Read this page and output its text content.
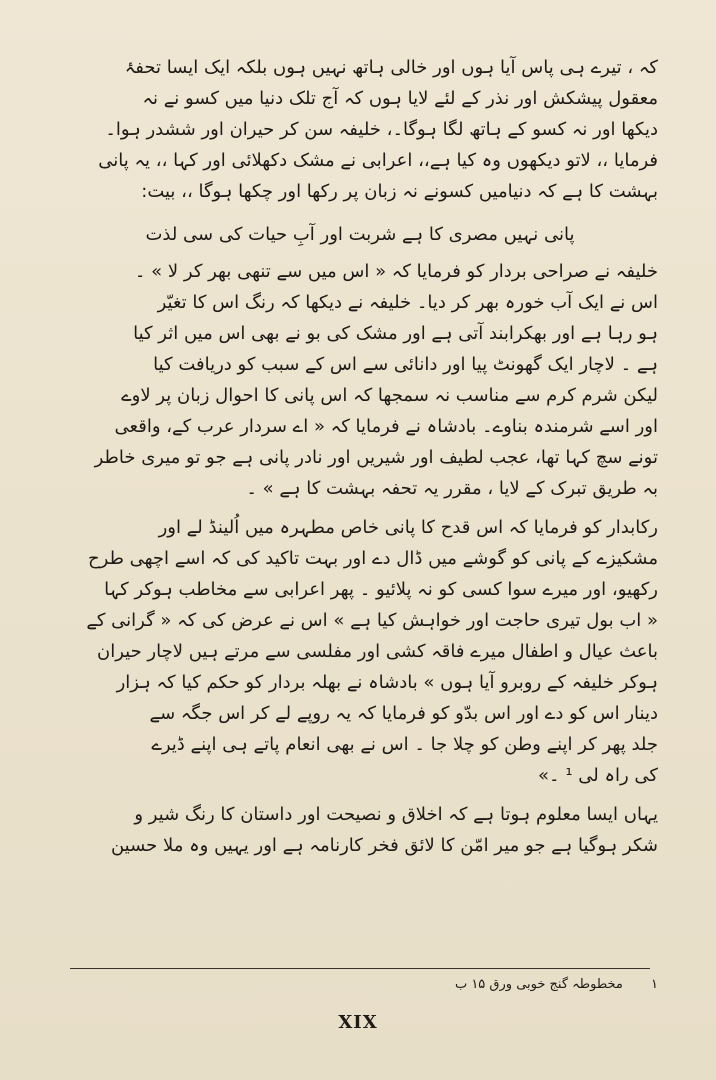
کہ ، تیرے ہی پاس آیا ہوں اور خالی ہاتھ نہیں ہوں بلکہ ایک ایسا تحفۂ
معقول پیشکش اور نذر کے لئے لایا ہوں کہ آج تلک دنیا میں کسو نے نہ
دیکھا اور نہ کسو کے ہاتھ لگا ہوگا۔، خلیفہ سن کر حیران اور ششدر ہوا۔
فرمایا ،، لاتو دیکھوں وہ کیا ہے،، اعرابی نے مشک دکھلائی اور کہا ،، یہ پانی
بہشت کا ہے کہ دنیامیں کسونے نہ زبان پر رکھا اور چکھا ہوگا ،، بیت:
پانی نہیں مصری کا ہے شربت اور آبِ حیات کی سی لذت
خلیفہ نے صراحی بردار کو فرمایا کہ « اس میں سے تنھی بھر کر لا » ۔
اس نے ایک آب خورہ بھر کر دیا۔ خلیفہ نے دیکھا کہ رنگ اس کا تغیّر
ہو رہا ہے اور بھکرابند آتی ہے اور مشک کی بو نے بھی اس میں اثر کیا
ہے ۔ لاچار ایک گھونٹ پیا اور دانائی سے اس کے سبب کو دریافت کیا
لیکن شرم کرم سے مناسب نہ سمجھا کہ اس پانی کا احوال زبان پر لاوے
اور اسے شرمندہ بناوے۔ بادشاہ نے فرمایا کہ « اے سردار عرب کے، واقعی
تونے سچ کہا تھا، عجب لطیف اور شیریں اور نادر پانی ہے جو تو میری خاطر
بہ طریق تبرک کے لایا ، مقرر یہ تحفہ بہشت کا ہے » ۔
رکابدار کو فرمایا کہ اس قدح کا پانی خاص مطہرہ میں اُلینڈ لے اور
مشکیزے کے پانی کو گوشے میں ڈال دے اور بہت تاکید کی کہ اسے اچھی طرح
رکھیو، اور میرے سوا کسی کو نہ پلائیو ۔ پھر اعرابی سے مخاطب ہوکر کہا
« اب بول تیری حاجت اور خواہش کیا ہے » اس نے عرض کی کہ « گرانی کے
باعث عیال و اطفال میرے فاقہ کشی اور مفلسی سے مرتے ہیں لاچار حیران
ہوکر خلیفہ کے روبرو آیا ہوں » بادشاہ نے بھلہ بردار کو حکم کیا کہ ہزار
دینار اس کو دے اور اس بدّو کو فرمایا کہ یہ روپے لے کر اس جگہ سے
جلد پھر کر اپنے وطن کو چلا جا ۔ اس نے بھی انعام پاتے ہی اپنے ڈیرے
کی راہ لی ¹ ۔»
یہاں ایسا معلوم ہوتا ہے کہ اخلاق و نصیحت اور داستان کا رنگ شیر و
شکر ہوگیا ہے جو میر امّن کا لائق فخر کارنامہ ہے اور یہیں وہ ملا حسین
۱ مخطوطہ گنج خوبی ورق ۱۵ ب
XIX
